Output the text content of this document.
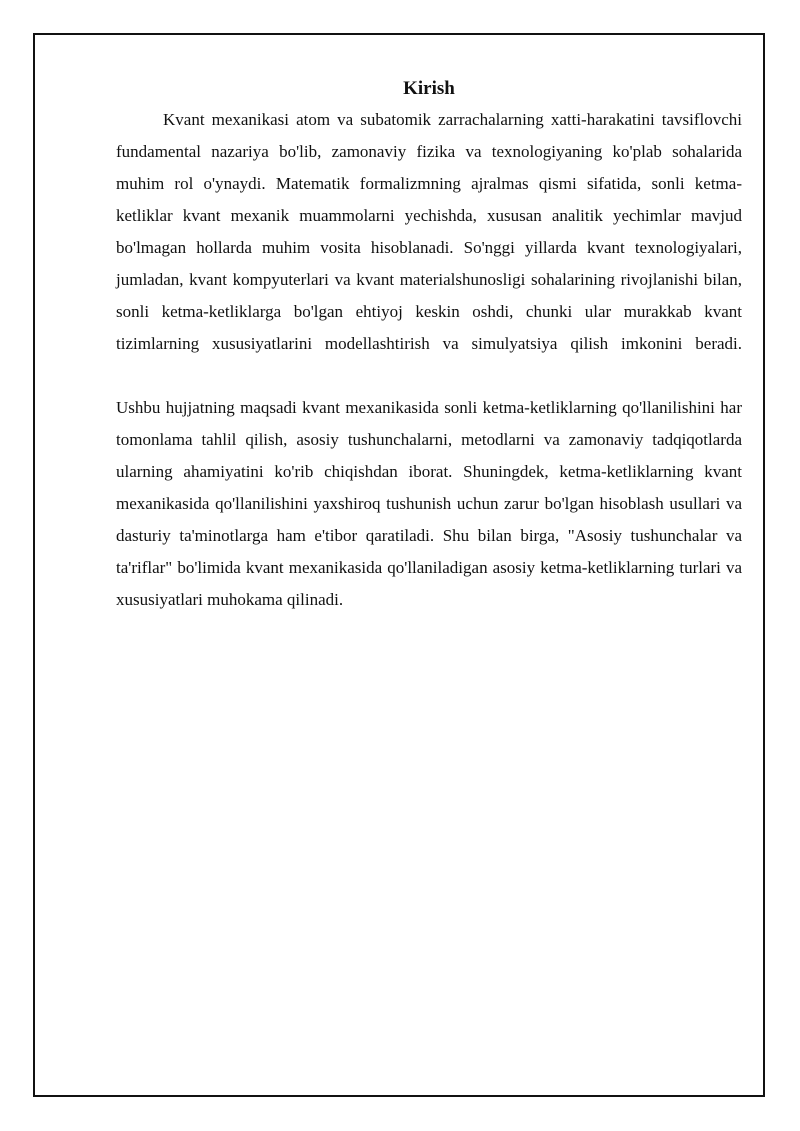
Kirish

Kvant mexanikasi atom va subatomik zarrachalarning xatti-harakatini tavsiflovchi fundamental nazariya bo'lib, zamonaviy fizika va texnologiyaning ko'plab sohalarida muhim rol o'ynaydi. Matematik formalizmning ajralmas qismi sifatida, sonli ketma-ketliklar kvant mexanik muammolarni yechishda, xususan analitik yechimlar mavjud bo'lmagan hollarda muhim vosita hisoblanadi. So'nggi yillarda kvant texnologiyalari, jumladan, kvant kompyuterlari va kvant materialshunosligi sohalarining rivojlanishi bilan, sonli ketma-ketliklarga bo'lgan ehtiyoj keskin oshdi, chunki ular murakkab kvant tizimlarning xususiyatlarini modellashtirish va simulyatsiya qilish imkonini beradi.

Ushbu hujjatning maqsadi kvant mexanikasida sonli ketma-ketliklarning qo'llanilishini har tomonlama tahlil qilish, asosiy tushunchalarni, metodlarni va zamonaviy tadqiqotlarda ularning ahamiyatini ko'rib chiqishdan iborat. Shuningdek, ketma-ketliklarning kvant mexanikasida qo'llanilishini yaxshiroq tushunish uchun zarur bo'lgan hisoblash usullari va dasturiy ta'minotlarga ham e'tibor qaratiladi. Shu bilan birga, "Asosiy tushunchalar va ta'riflar" bo'limida kvant mexanikasida qo'llaniladigan asosiy ketma-ketliklarning turlari va xususiyatlari muhokama qilinadi.
